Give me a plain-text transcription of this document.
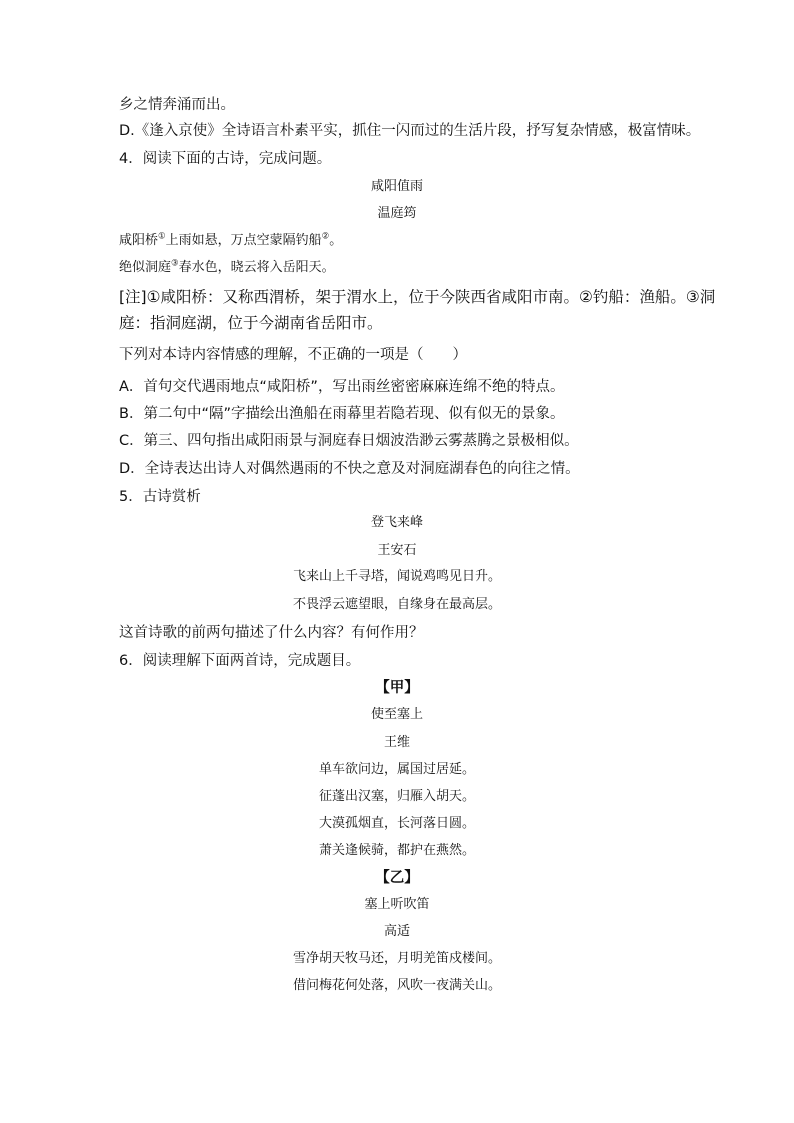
乡之情奔涌而出。
D.《逢入京使》全诗语言朴素平实，抓住一闪而过的生活片段，抒写复杂情感，极富情味。
4．阅读下面的古诗，完成问题。
咸阳值雨
温庭筠
咸阳桥①上雨如悬，万点空蒙隔钓船②。
绝似洞庭③春水色，晓云将入岳阳天。
[注]①咸阳桥：又称西渭桥，架于渭水上，位于今陕西省咸阳市南。②钓船：渔船。③洞
庭：指洞庭湖，位于今湖南省岳阳市。
下列对本诗内容情感的理解，不正确的一项是（　　）
A．首句交代遇雨地点“咸阳桥”，写出雨丝密密麻麻连绵不绝的特点。
B．第二句中“隔”字描绘出渔船在雨幕里若隐若现、似有似无的景象。
C．第三、四句指出咸阳雨景与洞庭春日烟波浩渺云雾蒸腾之景极相似。
D．全诗表达出诗人对偶然遇雨的不快之意及对洞庭湖春色的向往之情。
5．古诗赏析
登飞来峰
王安石
飞来山上千寻塔，闻说鸡鸣见日升。
不畏浮云遮望眼，自缘身在最高层。
这首诗歌的前两句描述了什么内容？有何作用？
6．阅读理解下面两首诗，完成题目。
【甲】
使至塞上
王维
单车欲问边，属国过居延。
征蓬出汉塞，归雁入胡天。
大漠孤烟直，长河落日圆。
萧关逢候骑，都护在燕然。
【乙】
塞上听吹笛
高适
雪净胡天牧马还，月明羌笛戍楼间。
借问梅花何处落，风吹一夜满关山。
